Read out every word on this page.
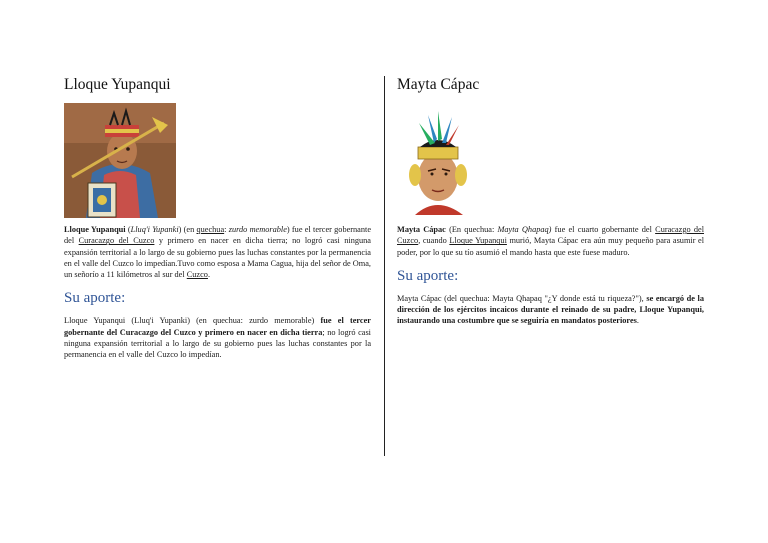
Lloque Yupanqui

Lloque Yupanqui (Lluq'i Yupanki) (en quechua: zurdo memorable) fue el tercer gobernante del Curacazgo del Cuzco y primero en nacer en dicha tierra; no logró casi ninguna expansión territorial a lo largo de su gobierno pues las luchas constantes por la permanencia en el valle del Cuzco lo impedían.Tuvo como esposa a Mama Cagua, hija del señor de Oma, un señorío a 11 kilómetros al sur del Cuzco.

Su aporte:

Lloque Yupanqui (Lluq'i Yupanki) (en quechua: zurdo memorable) fue el tercer gobernante del Curacazgo del Cuzco y primero en nacer en dicha tierra; no logró casi ninguna expansión territorial a lo largo de su gobierno pues las luchas constantes por la permanencia en el valle del Cuzco lo impedían.

Mayta Cápac

Mayta Cápac (En quechua: Mayta Qhapaq) fue el cuarto gobernante del Curacazgo del Cuzco, cuando Lloque Yupanqui murió, Mayta Cápac era aún muy pequeño para asumir el poder, por lo que su tío asumió el mando hasta que este fuese maduro.

Su aporte:

Mayta Cápac (del quechua: Mayta Qhapaq "¿Y donde está tu riqueza?"), se encargó de la dirección de los ejércitos incaicos durante el reinado de su padre, Lloque Yupanqui, instaurando una costumbre que se seguiría en mandatos posteriores.
